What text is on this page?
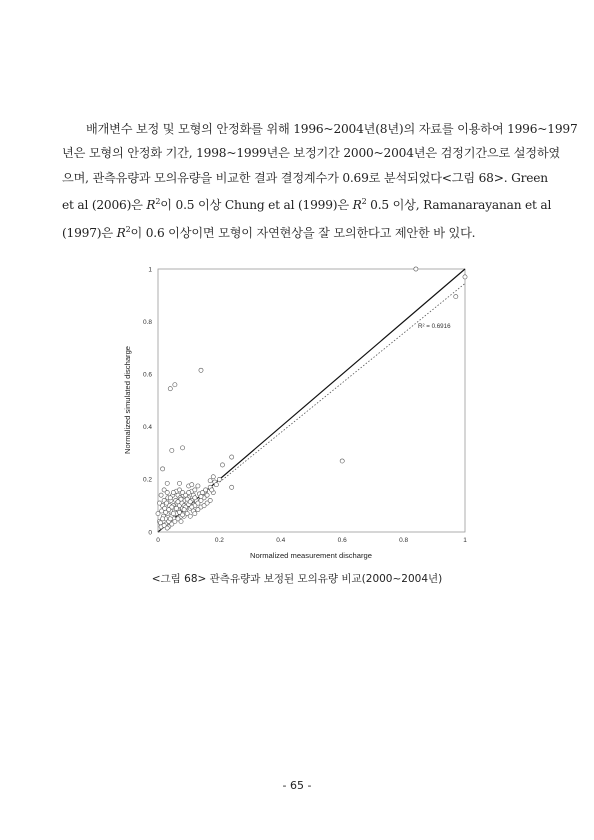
배개변수 보정 및 모형의 안정화를 위해 1996~2004년(8년)의 자료를 이용하여 1996~1997
년은 모형의 안정화 기간, 1998~1999년은 보정기간 2000~2004년은 검정기간으로 설정하였
으며, 관측유량과 모의유량을 비교한 결과 결정계수가 0.69로 분석되었다<그림 68>. Green
et al (2006)은 $R^2$이 0.5 이상 Chung et al (1999)은 $R^2$ 0.5 이상, Ramanarayanan et al
(1997)은 $R^2$이 0.6 이상이면 모형이 자연현상을 잘 모의한다고 제안한 바 있다.
0	0.2	0.4	0.6	0.8	1
0
0.2
0.4
0.6
0.8
1
Normalized measurement discharge
Normalized simulated discharge
R² = 0.6916
<그림 68> 관측유량과 보정된 모의유량 비교(2000~2004년)
- 65 -
